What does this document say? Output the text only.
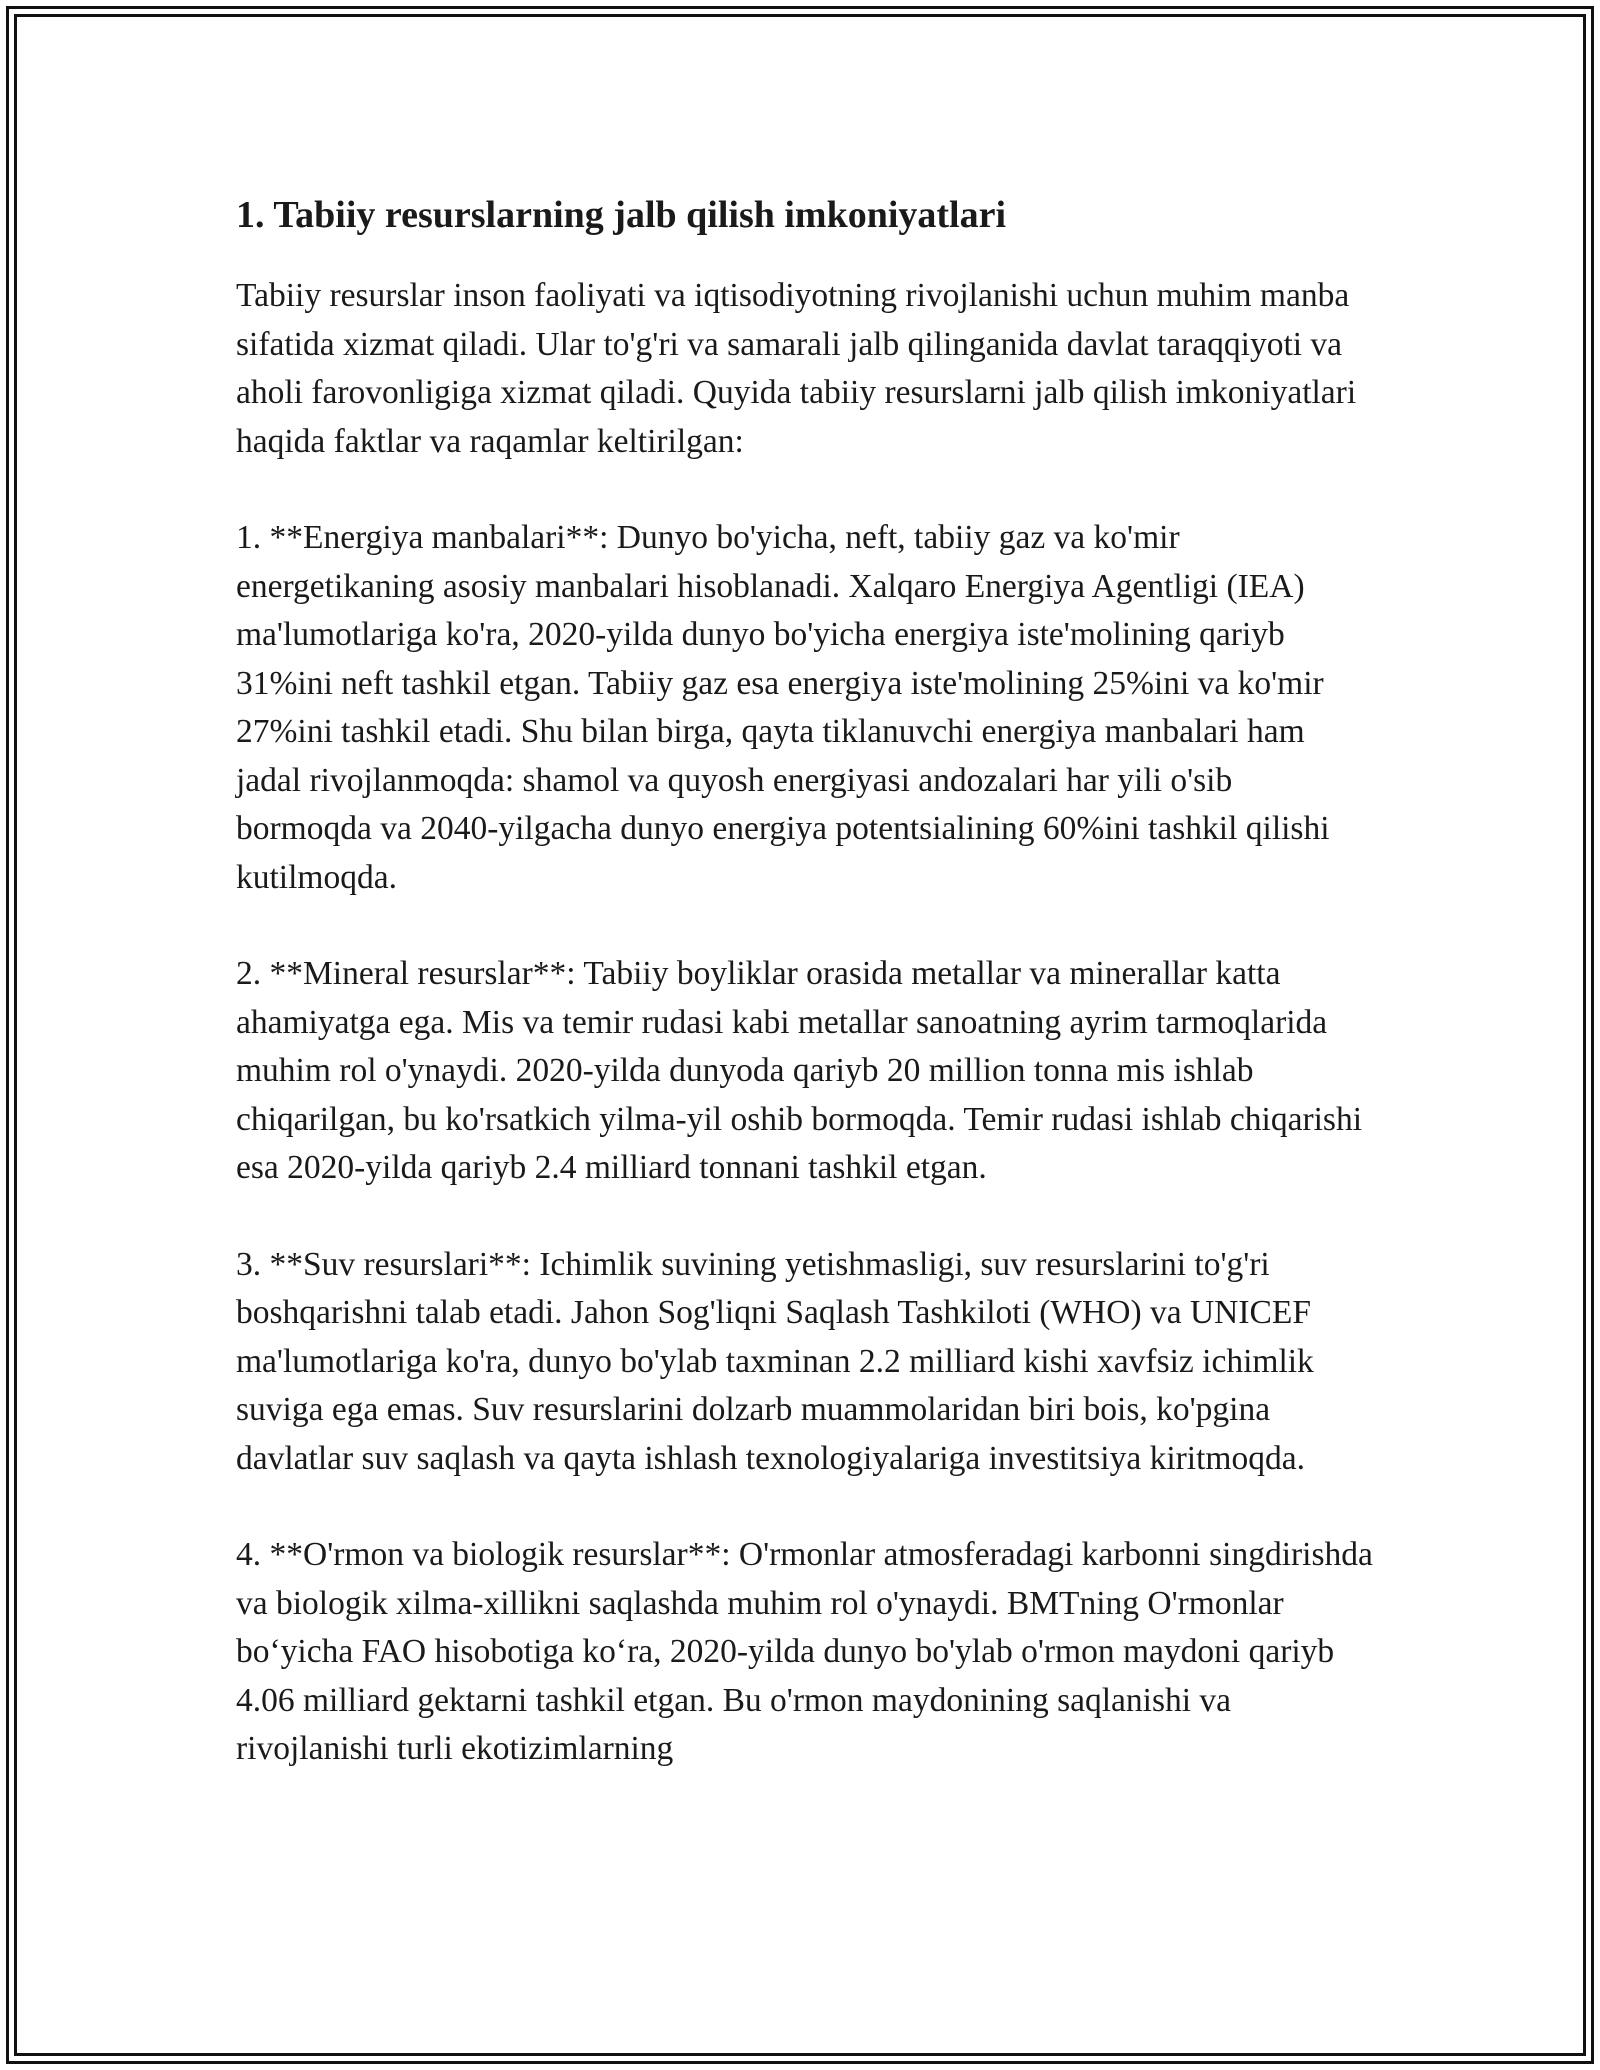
1. Tabiiy resurslarning jalb qilish imkoniyatlari

Tabiiy resurslar inson faoliyati va iqtisodiyotning rivojlanishi uchun muhim manba sifatida xizmat qiladi. Ular to'g'ri va samarali jalb qilinganida davlat taraqqiyoti va aholi farovonligiga xizmat qiladi. Quyida tabiiy resurslarni jalb qilish imkoniyatlari haqida faktlar va raqamlar keltirilgan:

1. **Energiya manbalari**: Dunyo bo'yicha, neft, tabiiy gaz va ko'mir energetikaning asosiy manbalari hisoblanadi. Xalqaro Energiya Agentligi (IEA) ma'lumotlariga ko'ra, 2020-yilda dunyo bo'yicha energiya iste'molining qariyb 31%ini neft tashkil etgan. Tabiiy gaz esa energiya iste'molining 25%ini va ko'mir 27%ini tashkil etadi. Shu bilan birga, qayta tiklanuvchi energiya manbalari ham jadal rivojlanmoqda: shamol va quyosh energiyasi andozalari har yili o'sib bormoqda va 2040-yilgacha dunyo energiya potentsialining 60%ini tashkil qilishi kutilmoqda.

2. **Mineral resurslar**: Tabiiy boyliklar orasida metallar va minerallar katta ahamiyatga ega. Mis va temir rudasi kabi metallar sanoatning ayrim tarmoqlarida muhim rol o'ynaydi. 2020-yilda dunyoda qariyb 20 million tonna mis ishlab chiqarilgan, bu ko'rsatkich yilma-yil oshib bormoqda. Temir rudasi ishlab chiqarishi esa 2020-yilda qariyb 2.4 milliard tonnani tashkil etgan.

3. **Suv resurslari**: Ichimlik suvining yetishmasligi, suv resurslarini to'g'ri boshqarishni talab etadi. Jahon Sog'liqni Saqlash Tashkiloti (WHO) va UNICEF ma'lumotlariga ko'ra, dunyo bo'ylab taxminan 2.2 milliard kishi xavfsiz ichimlik suviga ega emas. Suv resurslarini dolzarb muammolaridan biri bois, ko'pgina davlatlar suv saqlash va qayta ishlash texnologiyalariga investitsiya kiritmoqda.

4. **O'rmon va biologik resurslar**: O'rmonlar atmosferadagi karbonni singdirishda va biologik xilma-xillikni saqlashda muhim rol o'ynaydi. BMTning O'rmonlar bo‘yicha FAO hisobotiga ko‘ra, 2020-yilda dunyo bo'ylab o'rmon maydoni qariyb 4.06 milliard gektarni tashkil etgan. Bu o'rmon maydonining saqlanishi va rivojlanishi turli ekotizimlarning
